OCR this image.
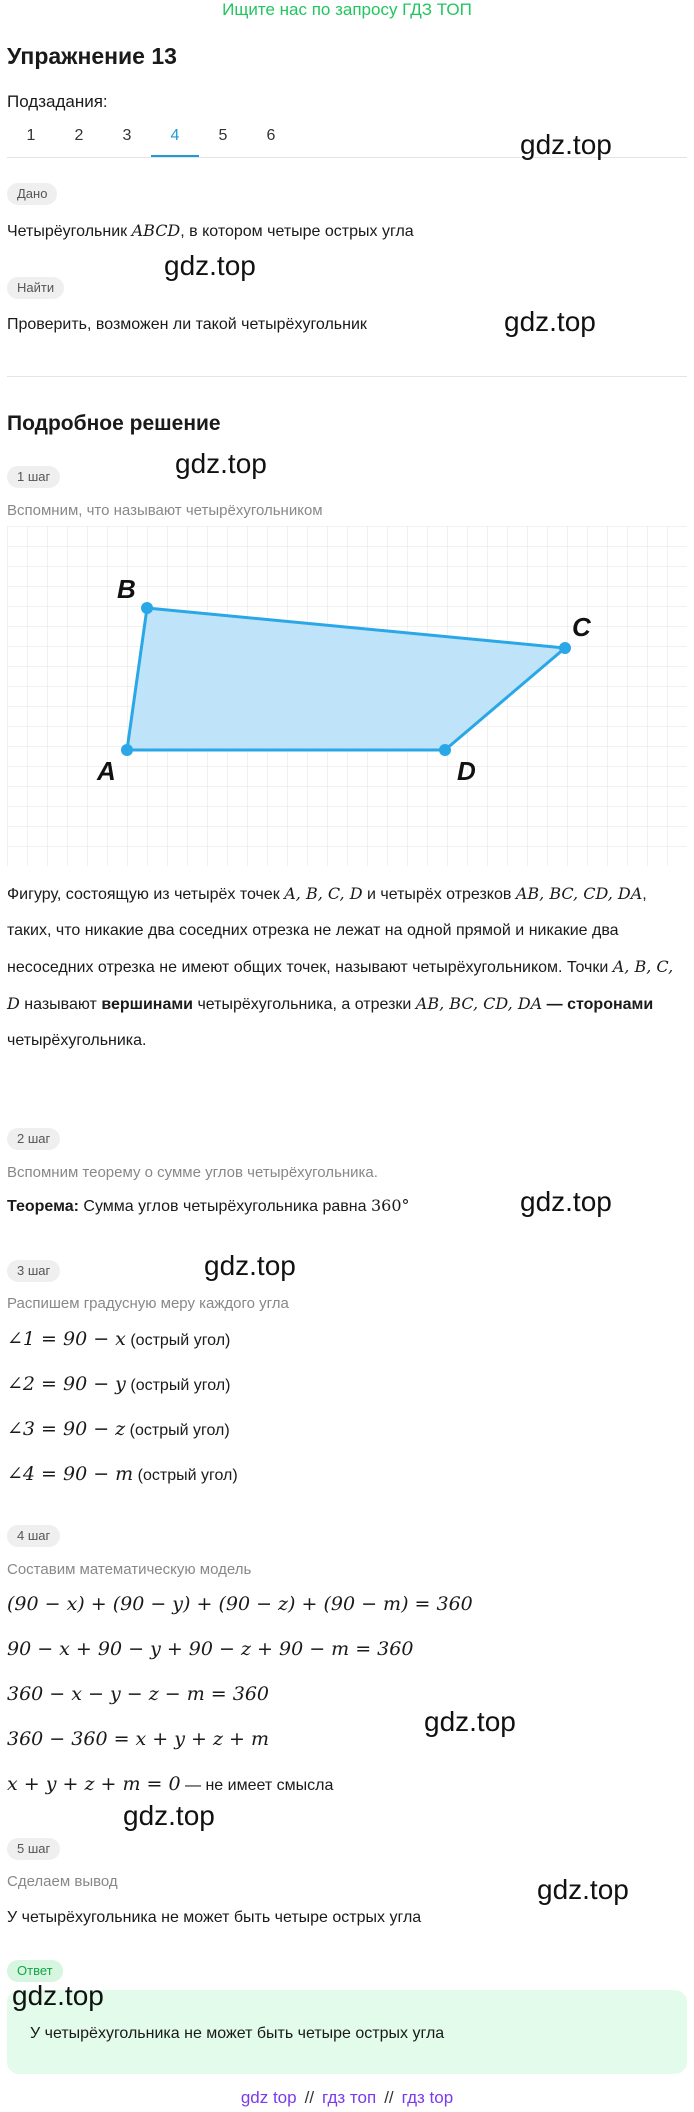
Ищите нас по запросу ГДЗ ТОП
Упражнение 13
Подзадания:
1	2	3	4	5	6
Дано
Четырёугольник ABCD, в котором четыре острых угла
Найти
Проверить, возможен ли такой четырёхугольник
Подробное решение
1 шаг
Вспомним, что называют четырёхугольником
A
B
C
D
Фигуру, состоящую из четырёх точек A, B, C, D и четырёх отрезков AB, BC, CD, DA, таких, что никакие два соседних отрезка не лежат на одной прямой и никакие два несоседних отрезка не имеют общих точек, называют четырёхугольником. Точки A, B, C, D называют вершинами четырёхугольника, а отрезки AB, BC, CD, DA — сторонами четырёхугольника.
2 шаг
Вспомним теорему о сумме углов четырёхугольника.
Теорема: Сумма углов четырёхугольника равна 360°
3 шаг
Распишем градусную меру каждого угла
∠1 = 90 − x (острый угол)
∠2 = 90 − y (острый угол)
∠3 = 90 − z (острый угол)
∠4 = 90 − m (острый угол)
4 шаг
Составим математическую модель
(90 − x) + (90 − y) + (90 − z) + (90 − m) = 360
90 − x + 90 − y + 90 − z + 90 − m = 360
360 − x − y − z − m = 360
360 − 360 = x + y + z + m
x + y + z + m = 0 — не имеет смысла
5 шаг
Сделаем вывод
У четырёхугольника не может быть четыре острых угла
Ответ
У четырёхугольника не может быть четыре острых угла
gdz.top
gdz.top
gdz.top
gdz.top
gdz.top
gdz.top
gdz.top
gdz.top
gdz.top
gdz.top
gdz top // гдз топ // гдз top
